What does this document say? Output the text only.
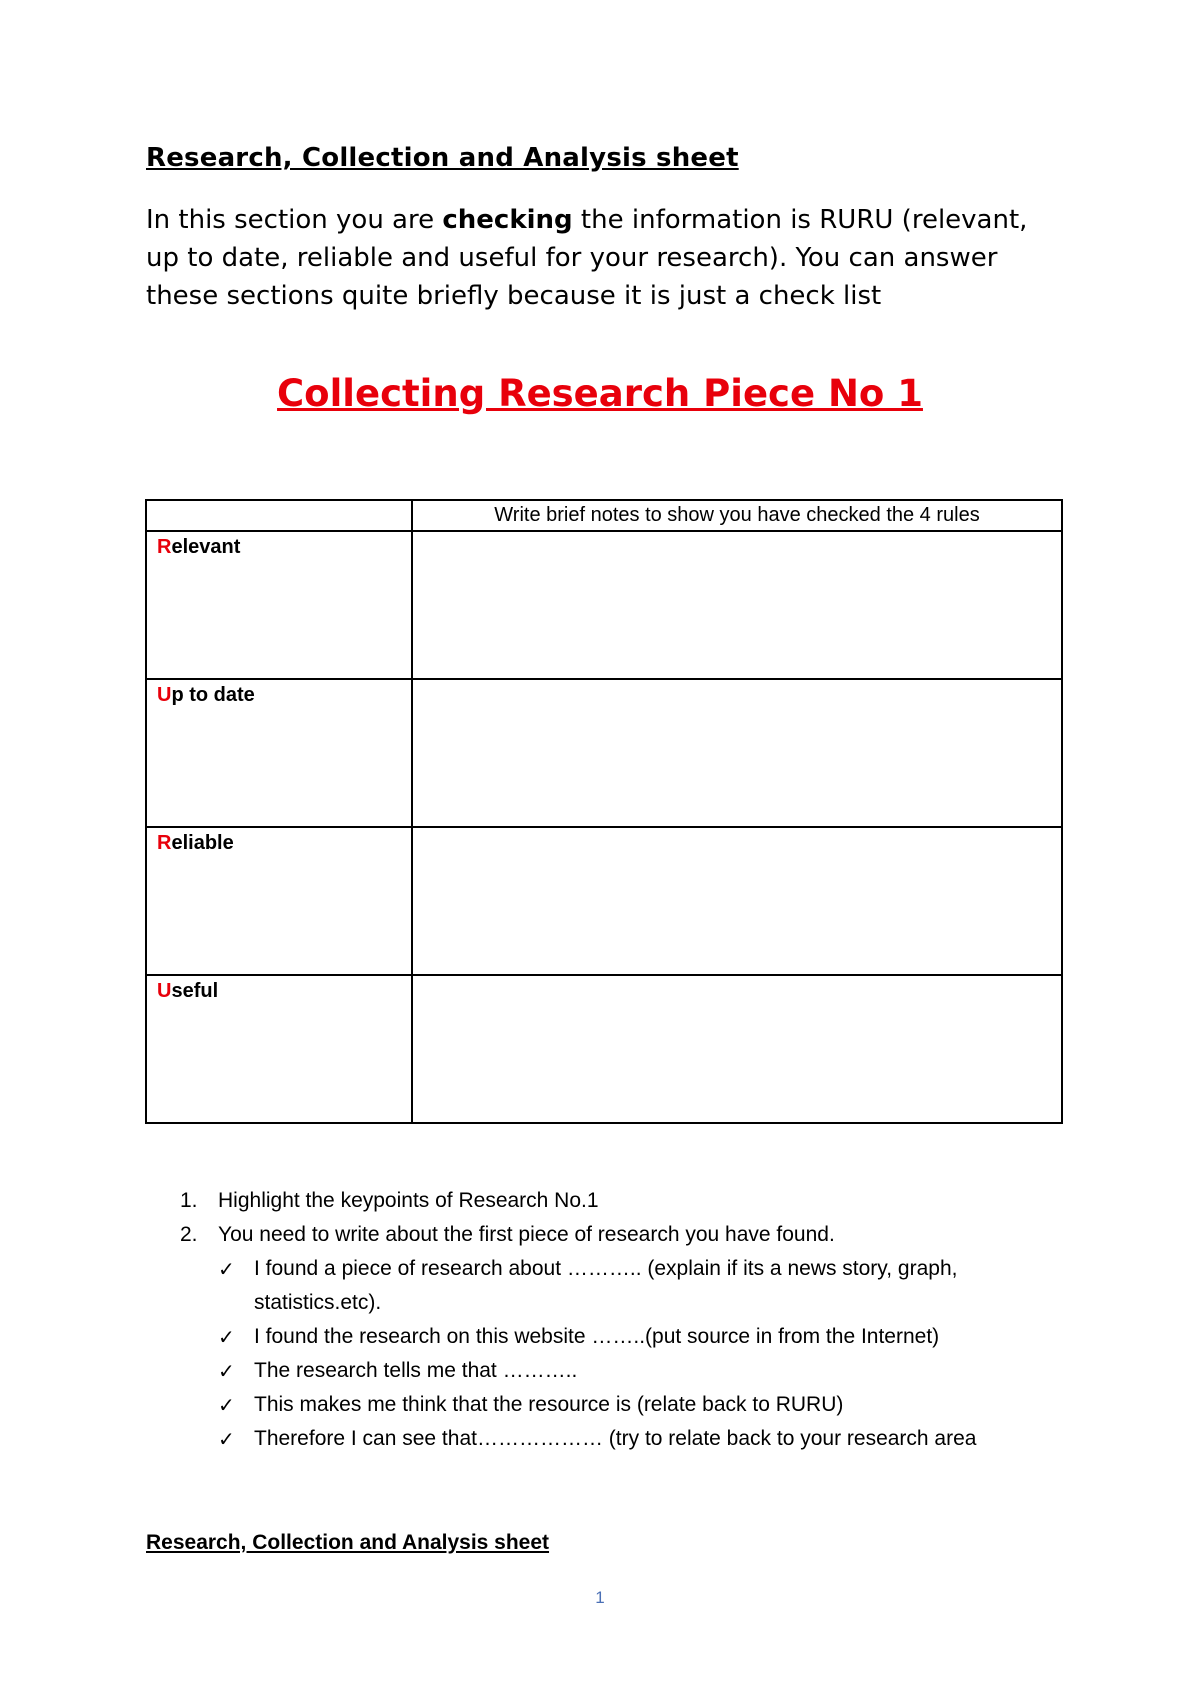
Research, Collection and Analysis sheet
In this section you are checking the information is RURU (relevant, up to date, reliable and useful for your research). You can answer these sections quite briefly because it is just a check list
Collecting Research Piece No 1

	Write brief notes to show you have checked the 4 rules

Relevant	

Up to date	

Reliable	

Useful	

1. Highlight the keypoints of Research No.1
2. You need to write about the first piece of research you have found.
✓ I found a piece of research about ……….. (explain if its a news story, graph, statistics.etc).
✓ I found the research on this website ……..(put source in from the Internet)
✓ The research tells me that ………..
✓ This makes me think that the resource is (relate back to RURU)
✓ Therefore I can see that……………… (try to relate back to your research area
Research, Collection and Analysis sheet
1
